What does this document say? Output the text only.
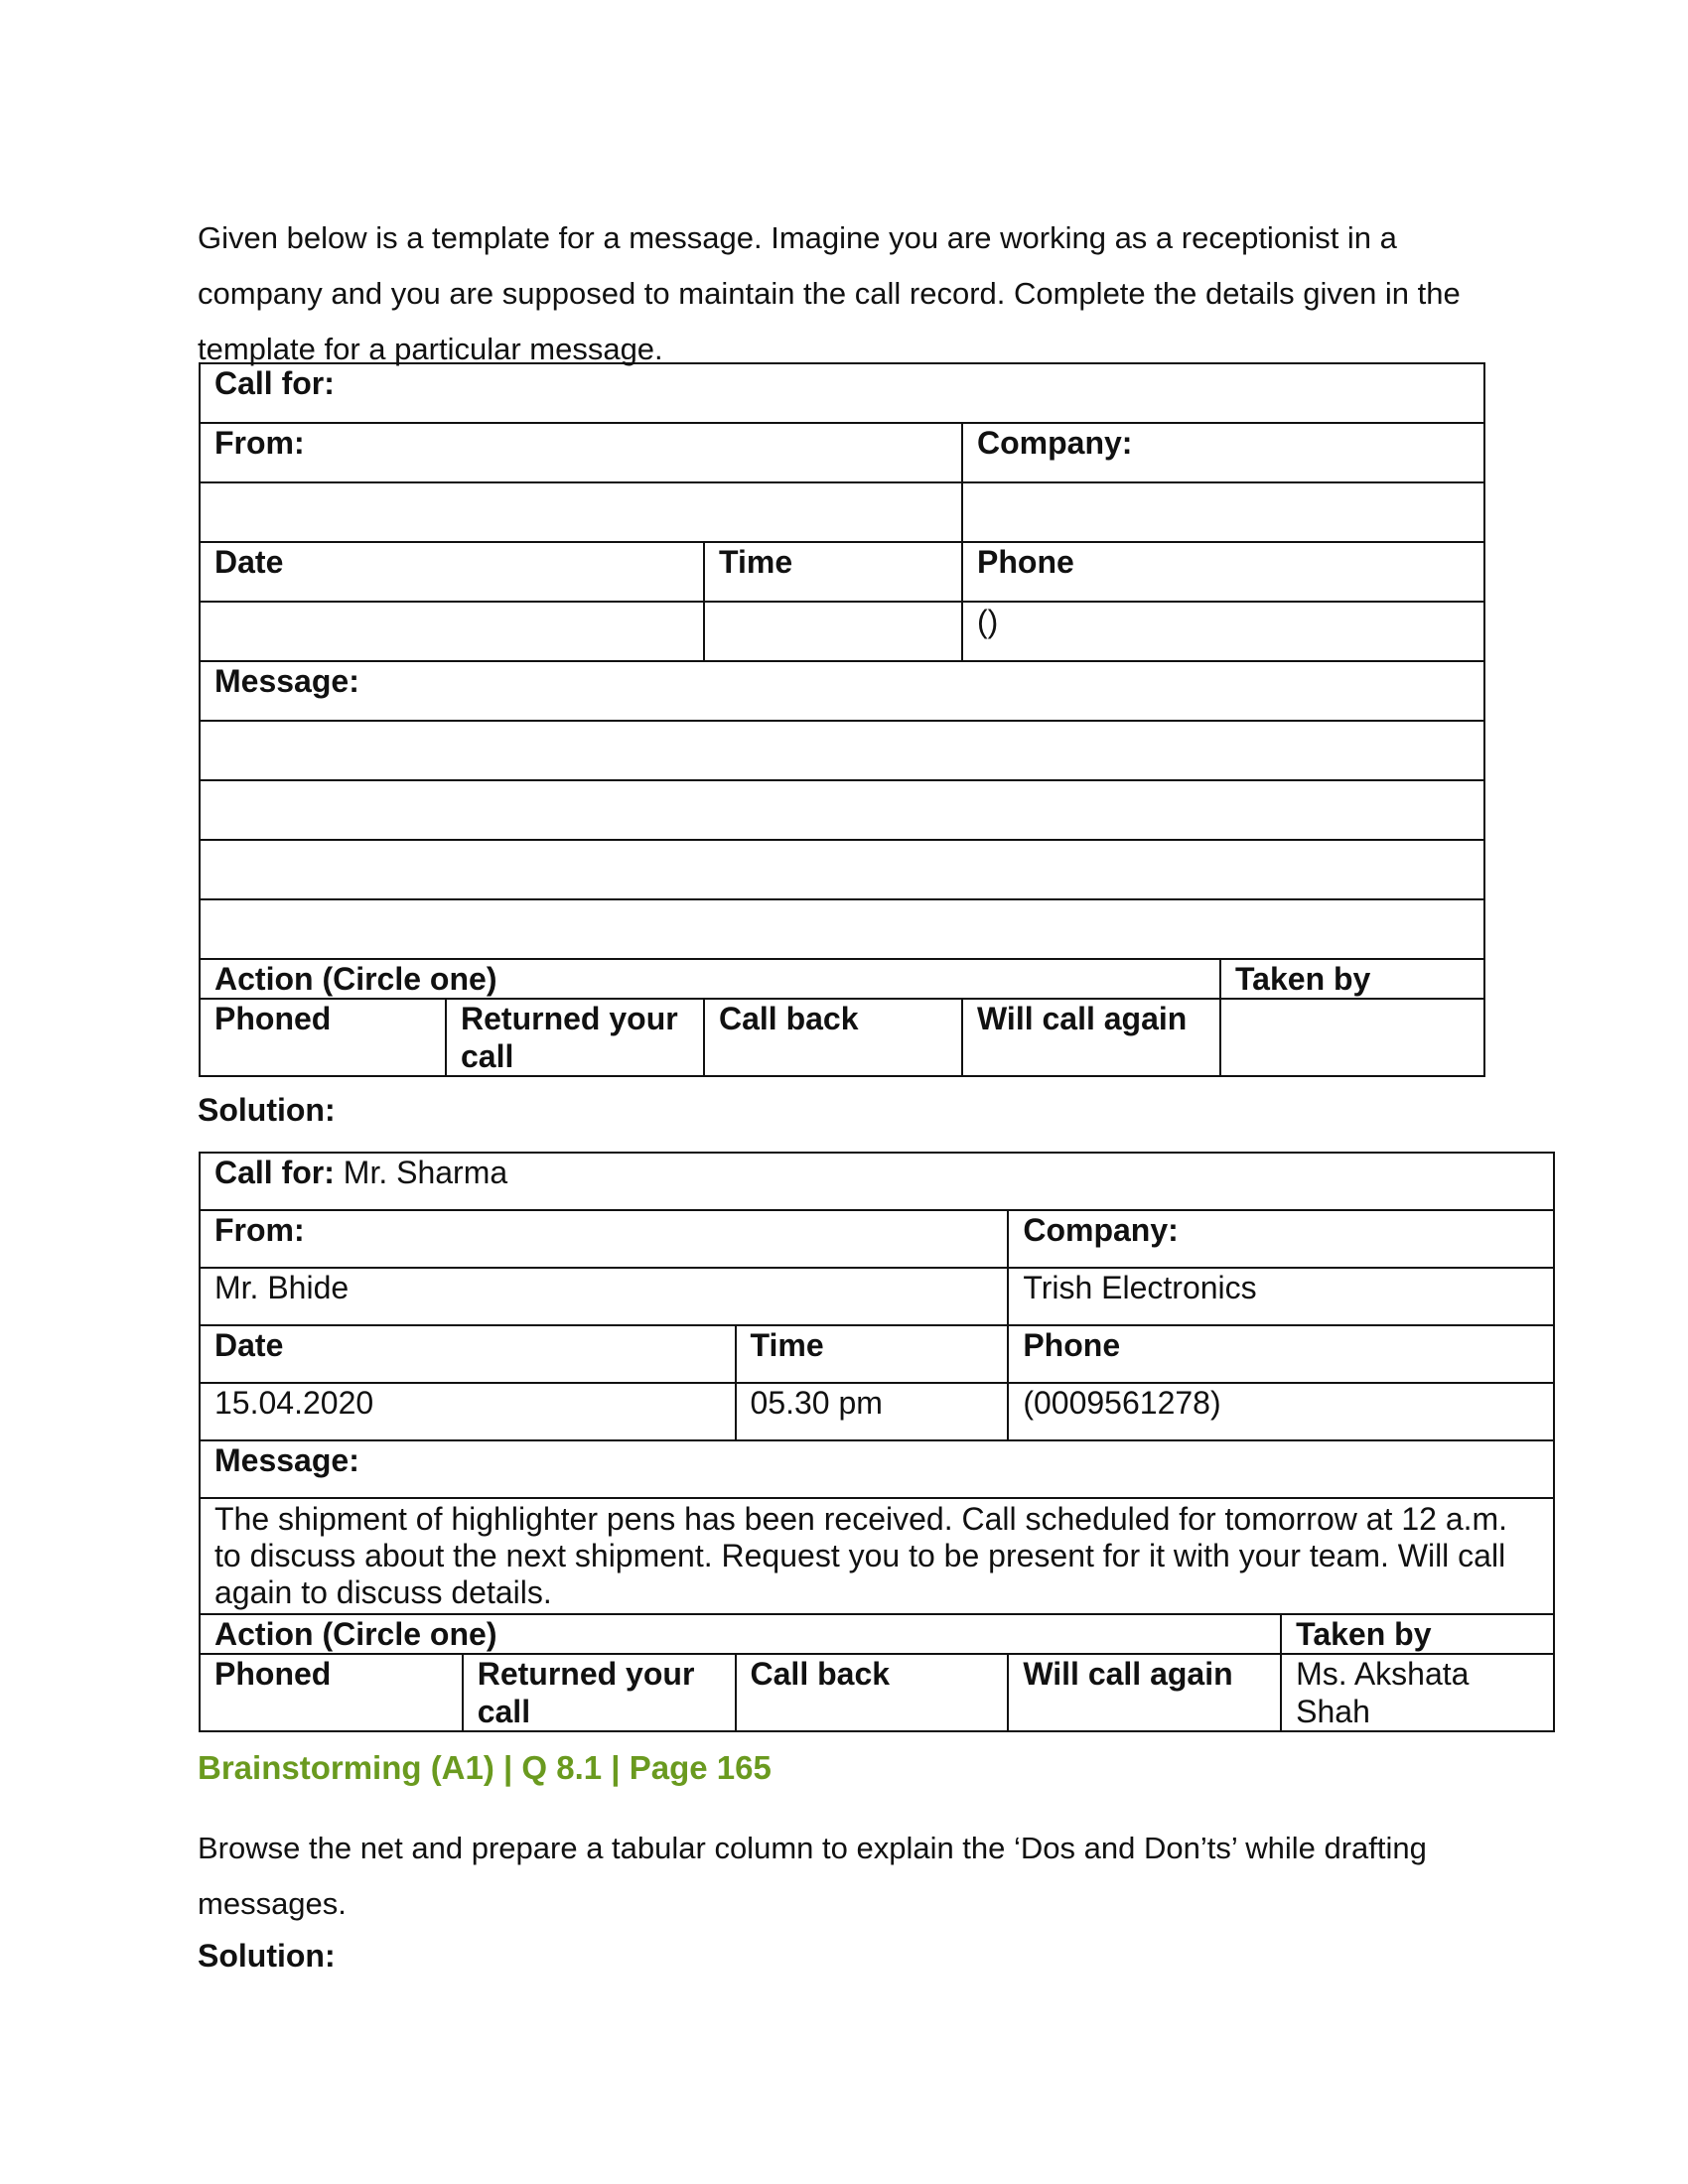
Given below is a template for a message. Imagine you are working as a receptionist in a company and you are supposed to maintain the call record. Complete the details given in the template for a particular message.

Call for:				
From:			Company:	

Date		Time	Phone	
			()	
Message:				

Action (Circle one)				Taken by
Phoned	Returned your call	Call back	Will call again	

Solution:

Call for: Mr. Sharma				
From:			Company:	
Mr. Bhide			Trish Electronics	
Date		Time	Phone	
15.04.2020		05.30 pm	(0009561278)	
Message:				
The shipment of highlighter pens has been received. Call scheduled for tomorrow at 12 a.m. to discuss about the next shipment. Request you to be present for it with your team. Will call again to discuss details.				
Action (Circle one)				Taken by
Phoned	Returned your call	Call back	Will call again	Ms. Akshata Shah

Brainstorming (A1) | Q 8.1 | Page 165

Browse the net and prepare a tabular column to explain the ‘Dos and Don’ts’ while drafting messages.

Solution:
